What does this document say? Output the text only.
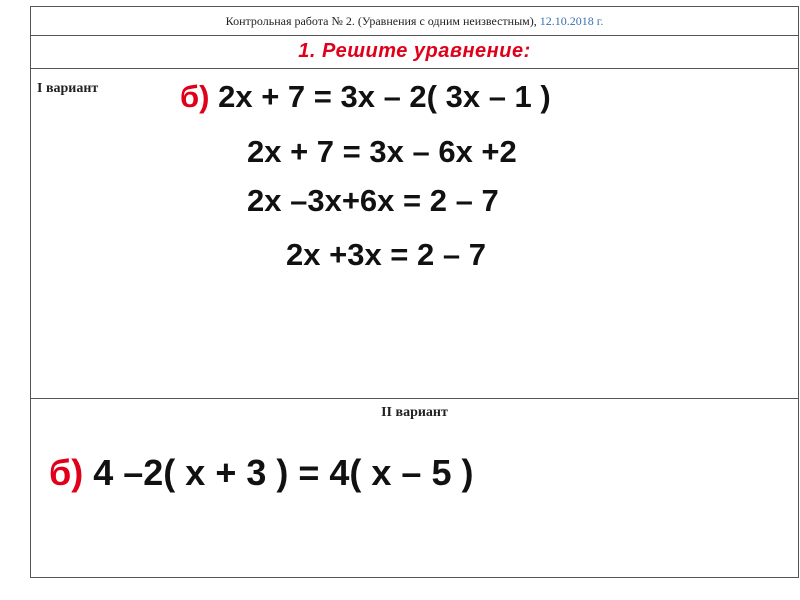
Контрольная работа № 2. (Уравнения с одним неизвестным), 12.10.2018 г.
1. Решите уравнение:
I вариант	б) 2х + 7 = 3х – 2( 3х – 1 )
2х + 7 = 3х – 6х +2
2х –3х+6х = 2 – 7
2х +3х = 2 – 7
II вариант
б) 4 –2( х + 3 ) = 4( х – 5 )
